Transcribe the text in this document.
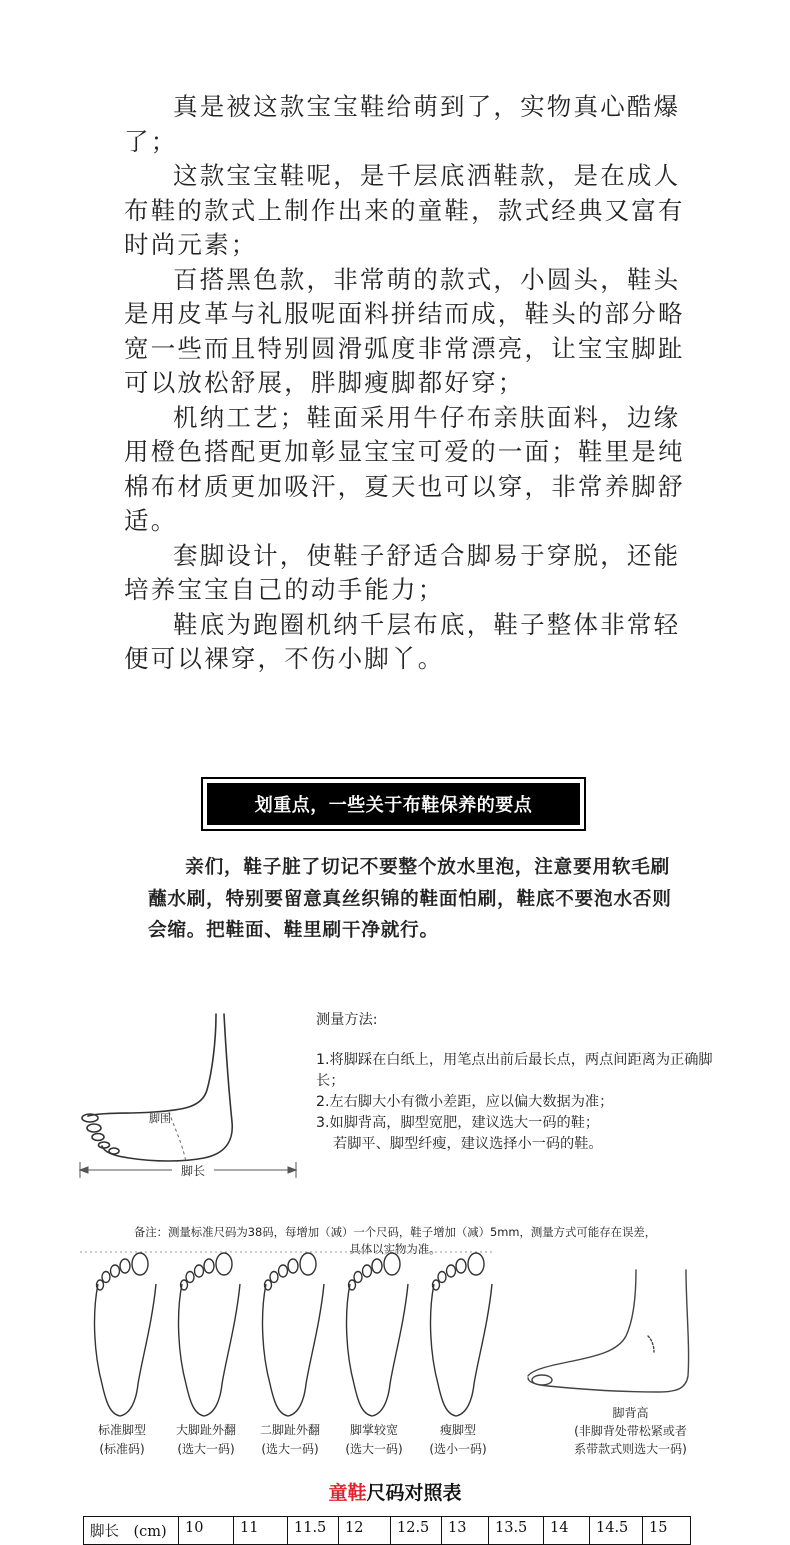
真是被这款宝宝鞋给萌到了，实物真心酷爆了；

这款宝宝鞋呢，是千层底洒鞋款，是在成人布鞋的款式上制作出来的童鞋，款式经典又富有时尚元素；

百搭黑色款，非常萌的款式，小圆头，鞋头是用皮革与礼服呢面料拼结而成，鞋头的部分略宽一些而且特别圆滑弧度非常漂亮，让宝宝脚趾可以放松舒展，胖脚瘦脚都好穿；

机纳工艺；鞋面采用牛仔布亲肤面料，边缘用橙色搭配更加彰显宝宝可爱的一面；鞋里是纯棉布材质更加吸汗，夏天也可以穿，非常养脚舒适。

套脚设计，使鞋子舒适合脚易于穿脱，还能培养宝宝自己的动手能力；

鞋底为跑圈机纳千层布底，鞋子整体非常轻便可以裸穿，不伤小脚丫。

划重点，一些关于布鞋保养的要点

亲们，鞋子脏了切记不要整个放水里泡，注意要用软毛刷蘸水刷，特别要留意真丝织锦的鞋面怕刷，鞋底不要泡水否则会缩。把鞋面、鞋里刷干净就行。

脚长
脚围

测量方法:

1.将脚踩在白纸上，用笔点出前后最长点，两点间距离为正确脚长；

2.左右脚大小有微小差距，应以偏大数据为准；

3.如脚背高，脚型宽肥，建议选大一码的鞋；

若脚平、脚型纤瘦，建议选择小一码的鞋。

备注：测量标准尺码为38码，每增加（减）一个尺码，鞋子增加（减）5mm，测量方式可能存在误差，
具体以实物为准。
标准脚型
(标准码)
大脚趾外翻
(选大一码)
二脚趾外翻
(选大一码)
脚掌较宽
(选大一码)
瘦脚型
(选小一码)
脚背高
(非脚背处带松紧或者
系带款式则选大一码)
童鞋尺码对照表
脚长　(cm)	10	11	11.5	12	12.5	13	13.5	14	14.5	15
